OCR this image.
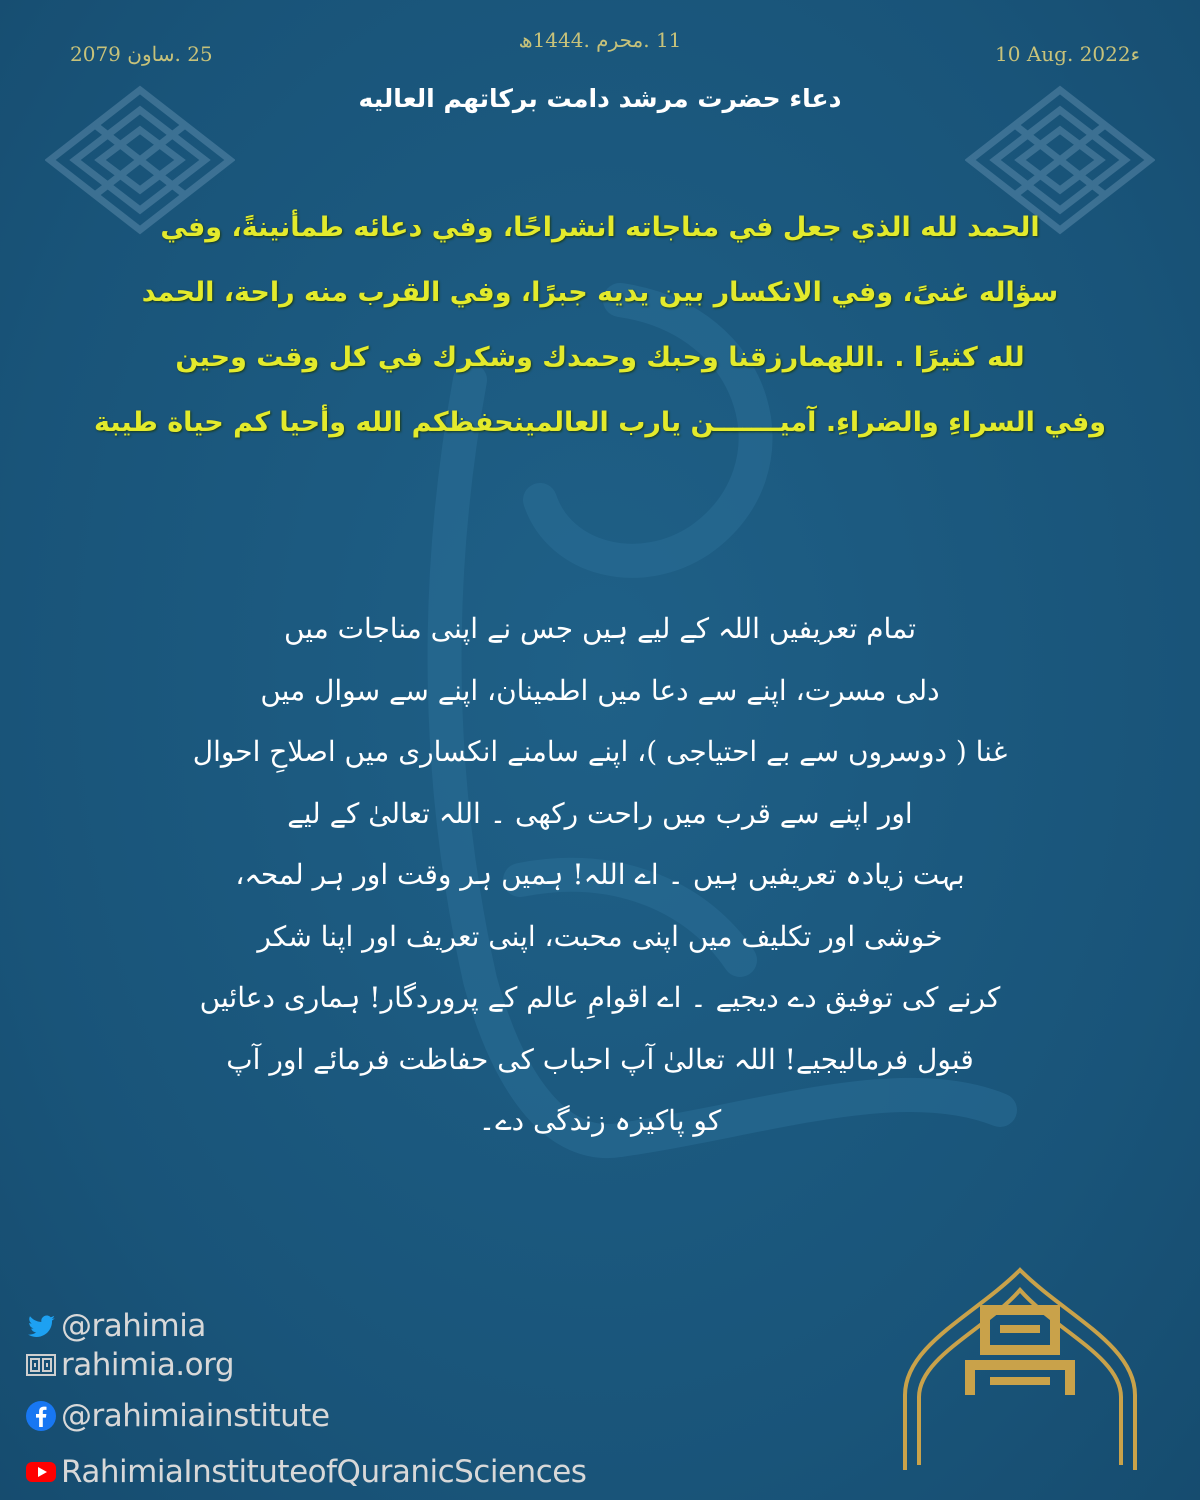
25 .ساون 2079
11 .محرم .1444ھ
10 Aug. 2022ء
دعاء حضرت مرشد دامت بركاتهم العاليه
الحمد لله الذي جعل في مناجاته انشراحًا، وفي دعائه طمأنينةً، وفي
سؤاله غنىً، وفي الانكسار بين يديه جبرًا، وفي القرب منه راحة، الحمد
لله كثيرًا . .اللهمارزقنا وحبك وحمدك وشكرك في كل وقت وحين
وفي السراءِ والضراءِ. آميـــــــن يارب العالمينحفظكم الله وأحيا كم حياة طيبة
تمام تعریفیں اللہ کے لیے ہیں جس نے اپنی مناجات میں
دلی مسرت، اپنے سے دعا میں اطمینان، اپنے سے سوال میں
غنا ( دوسروں سے بے احتیاجی )، اپنے سامنے انکساری میں اصلاحِ احوال
اور اپنے سے قرب میں راحت رکھی ۔ اللہ تعالیٰ کے لیے
بہت زیادہ تعریفیں ہیں ۔ اے اللہ! ہمیں ہر وقت اور ہر لمحہ،
خوشی اور تکلیف میں اپنی محبت، اپنی تعریف اور اپنا شکر
کرنے کی توفیق دے دیجیے ۔ اے اقوامِ عالم کے پروردگار! ہماری دعائیں
قبول فرمالیجیے! اللہ تعالیٰ آپ احباب کی حفاظت فرمائے اور آپ
کو پاکیزہ زندگی دے۔
@rahimia
rahimia.org
@rahimiainstitute
RahimiaInstituteofQuranicSciences
